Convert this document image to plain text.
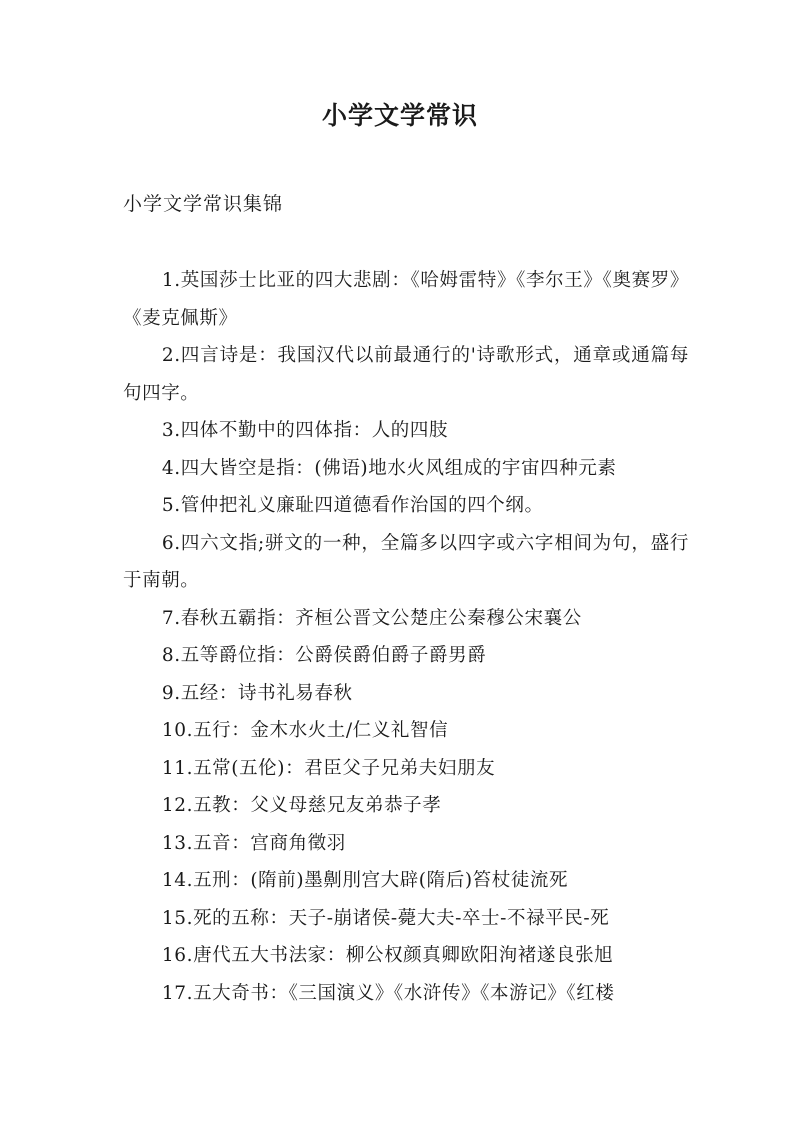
小学文学常识

小学文学常识集锦

1.英国莎士比亚的四大悲剧：《哈姆雷特》《李尔王》《奥赛罗》《麦克佩斯》

2.四言诗是：我国汉代以前最通行的'诗歌形式，通章或通篇每句四字。

3.四体不勤中的四体指：人的四肢

4.四大皆空是指：(佛语)地水火风组成的宇宙四种元素

5.管仲把礼义廉耻四道德看作治国的四个纲。

6.四六文指;骈文的一种，全篇多以四字或六字相间为句，盛行于南朝。

7.春秋五霸指：齐桓公晋文公楚庄公秦穆公宋襄公

8.五等爵位指：公爵侯爵伯爵子爵男爵

9.五经：诗书礼易春秋

10.五行：金木水火土/仁义礼智信

11.五常(五伦)：君臣父子兄弟夫妇朋友

12.五教：父义母慈兄友弟恭子孝

13.五音：宫商角徵羽

14.五刑：(隋前)墨劓刖宫大辟(隋后)笞杖徒流死

15.死的五称：天子-崩诸侯-薨大夫-卒士-不禄平民-死

16.唐代五大书法家：柳公权颜真卿欧阳洵褚遂良张旭

17.五大奇书：《三国演义》《水浒传》《本游记》《红楼
